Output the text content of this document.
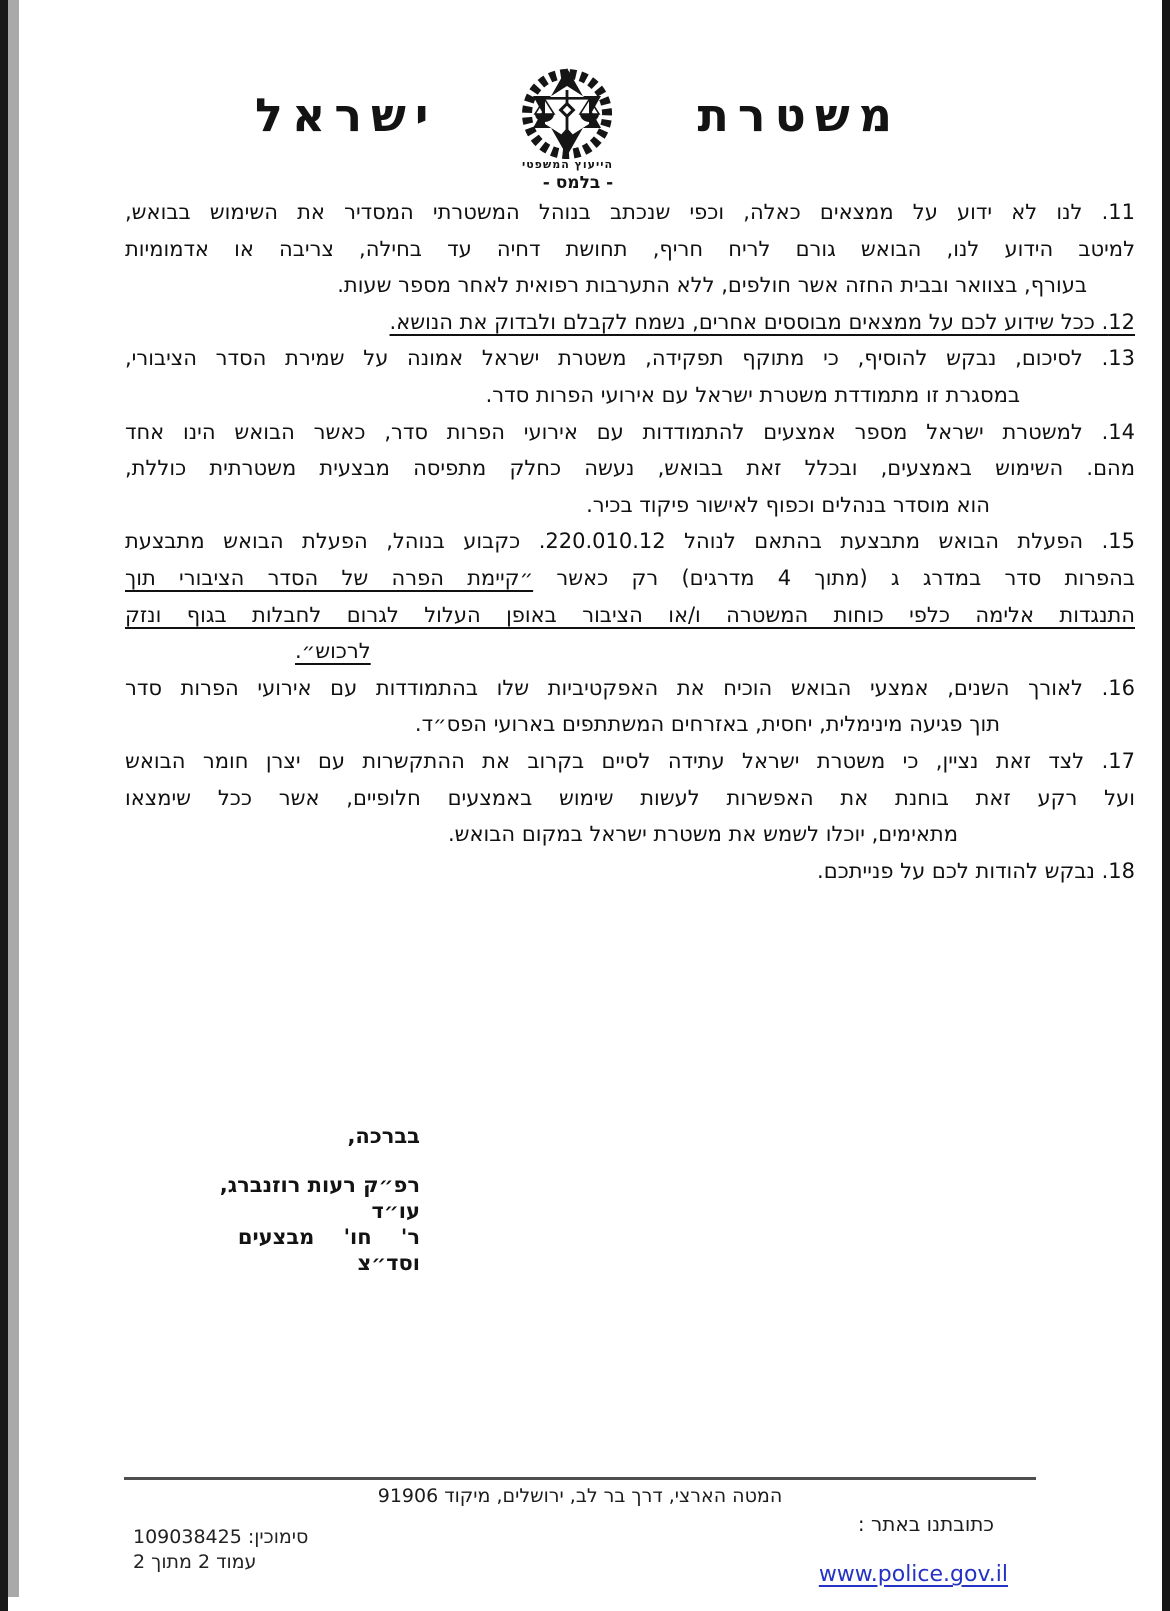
משטרת
הייעוץ המשפטי
ישראל
- בלמס -
11. לנו לא ידוע על ממצאים כאלה, וכפי שנכתב בנוהל המשטרתי המסדיר את השימוש בבואש,
למיטב הידוע לנו, הבואש גורם לריח חריף, תחושת דחיה עד בחילה, צריבה או אדמומיות
בעורף, בצוואר ובבית החזה אשר חולפים, ללא התערבות רפואית לאחר מספר שעות.
12. ככל שידוע לכם על ממצאים מבוססים אחרים, נשמח לקבלם ולבדוק את הנושא.
13. לסיכום, נבקש להוסיף, כי מתוקף תפקידה, משטרת ישראל אמונה על שמירת הסדר הציבורי,
במסגרת זו מתמודדת משטרת ישראל עם אירועי הפרות סדר.
14. למשטרת ישראל מספר אמצעים להתמודדות עם אירועי הפרות סדר, כאשר הבואש הינו אחד
מהם. השימוש באמצעים, ובכלל זאת בבואש, נעשה כחלק מתפיסה מבצעית משטרתית כוללת,
הוא מוסדר בנהלים וכפוף לאישור פיקוד בכיר.
15. הפעלת הבואש מתבצעת בהתאם לנוהל 220.010.12. כקבוע בנוהל, הפעלת הבואש מתבצעת
בהפרות סדר במדרג ג (מתוך 4 מדרגים) רק כאשר ״קיימת הפרה של הסדר הציבורי תוך
התנגדות אלימה כלפי כוחות המשטרה ו/או הציבור באופן העלול לגרום לחבלות בגוף ונזק
לרכוש״.
16. לאורך השנים, אמצעי הבואש הוכיח את האפקטיביות שלו בהתמודדות עם אירועי הפרות סדר
תוך פגיעה מינימלית, יחסית, באזרחים המשתתפים בארועי הפס״ד.
17. לצד זאת נציין, כי משטרת ישראל עתידה לסיים בקרוב את ההתקשרות עם יצרן חומר הבואש
ועל רקע זאת בוחנת את האפשרות לעשות שימוש באמצעים חלופיים, אשר ככל שימצאו
מתאימים, יוכלו לשמש את משטרת ישראל במקום הבואש.
18. נבקש להודות לכם על פנייתכם.
בברכה,
רפ״ק רעות רוזנברג,     עו״ד
ר'    חו'    מבצעים    וסד״צ
המטה הארצי, דרך בר לב, ירושלים, מיקוד 91906
כתובתנו באתר :
סימוכין: 109038425
עמוד 2 מתוך 2	www.police.gov.il
